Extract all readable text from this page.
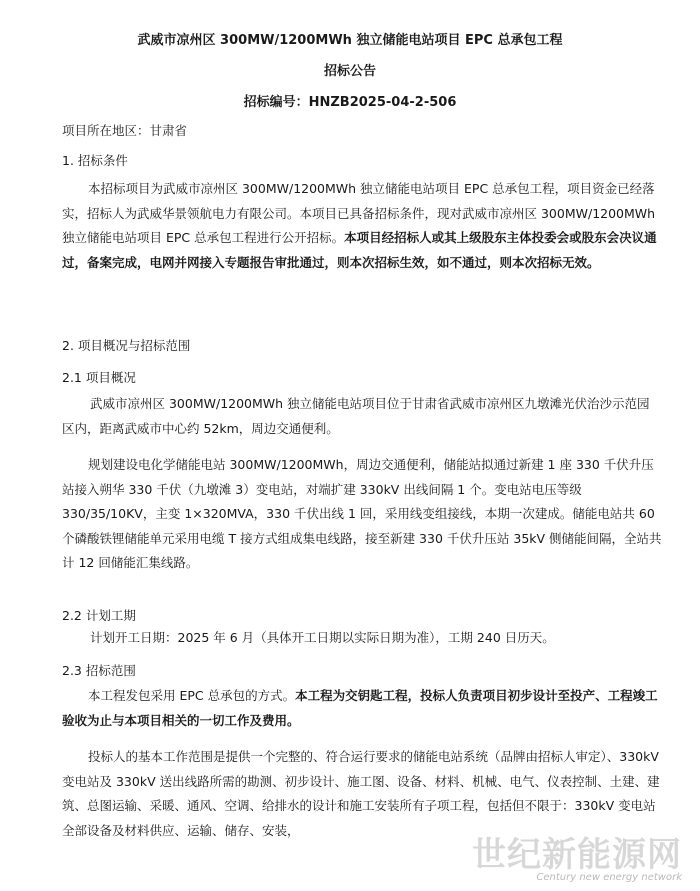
武威市凉州区 300MW/1200MWh 独立储能电站项目 EPC 总承包工程
招标公告
招标编号：HNZB2025-04-2-506
项目所在地区：甘肃省
1. 招标条件
本招标项目为武威市凉州区 300MW/1200MWh 独立储能电站项目 EPC 总承包工程，项目资金已经落实，招标人为武威华景领航电力有限公司。本项目已具备招标条件，现对武威市凉州区 300MW/1200MWh 独立储能电站项目 EPC 总承包工程进行公开招标。本项目经招标人或其上级股东主体投委会或股东会决议通过，备案完成，电网并网接入专题报告审批通过，则本次招标生效，如不通过，则本次招标无效。
2. 项目概况与招标范围
2.1 项目概况
武威市凉州区 300MW/1200MWh 独立储能电站项目位于甘肃省武威市凉州区九墩滩光伏治沙示范园区内，距离武威市中心约 52km，周边交通便利。
规划建设电化学储能电站 300MW/1200MWh，周边交通便利，储能站拟通过新建 1 座 330 千伏升压站接入朔华 330 千伏（九墩滩 3）变电站，对端扩建 330kV 出线间隔 1 个。变电站电压等级 330/35/10KV，主变 1×320MVA，330 千伏出线 1 回，采用线变组接线，本期一次建成。储能电站共 60 个磷酸铁锂储能单元采用电缆 T 接方式组成集电线路，接至新建 330 千伏升压站 35kV 侧储能间隔，全站共计 12 回储能汇集线路。
2.2 计划工期
计划开工日期：2025 年 6 月（具体开工日期以实际日期为准），工期 240 日历天。
2.3 招标范围
本工程发包采用 EPC 总承包的方式。本工程为交钥匙工程，投标人负责项目初步设计至投产、工程竣工验收为止与本项目相关的一切工作及费用。
投标人的基本工作范围是提供一个完整的、符合运行要求的储能电站系统（品牌由招标人审定）、330kV 变电站及 330kV 送出线路所需的勘测、初步设计、施工图、设备、材料、机械、电气、仪表控制、土建、建筑、总图运输、采暖、通风、空调、给排水的设计和施工安装所有子项工程，包括但不限于：330kV 变电站全部设备及材料供应、运输、储存、安装，
世纪新能源网
Century new energy network
